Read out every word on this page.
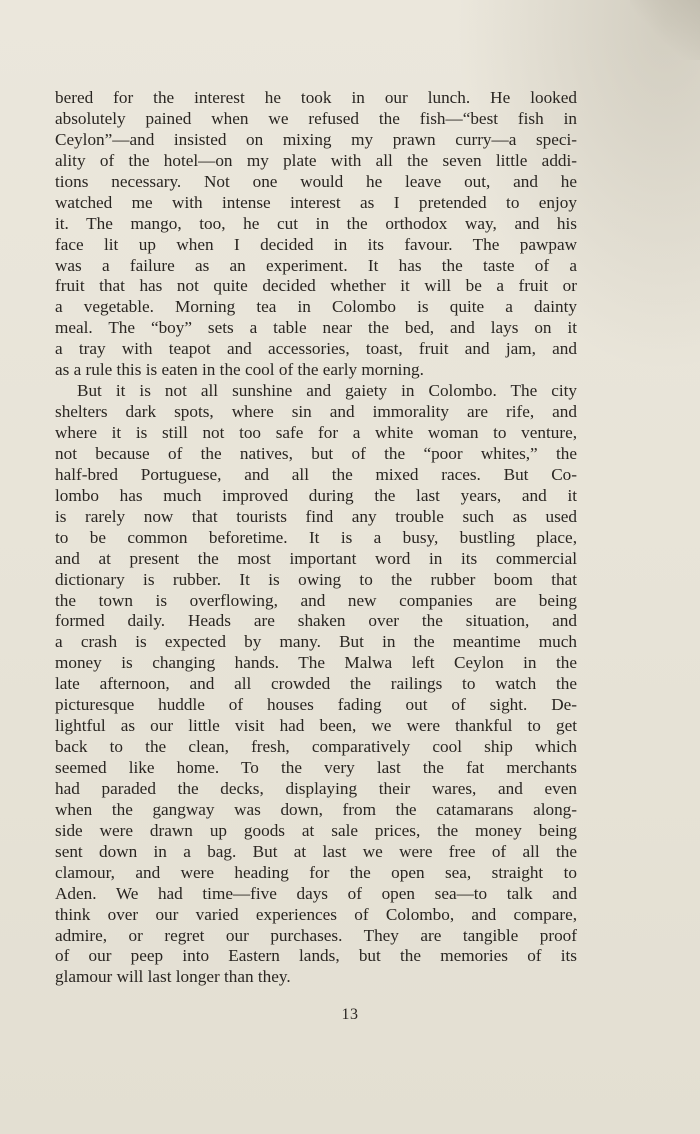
bered for the interest he took in our lunch. He looked
absolutely pained when we refused the fish—“best fish in
Ceylon”—and insisted on mixing my prawn curry—a speci-
ality of the hotel—on my plate with all the seven little addi-
tions necessary. Not one would he leave out, and he
watched me with intense interest as I pretended to enjoy
it. The mango, too, he cut in the orthodox way, and his
face lit up when I decided in its favour. The pawpaw
was a failure as an experiment. It has the taste of a
fruit that has not quite decided whether it will be a fruit or
a vegetable. Morning tea in Colombo is quite a dainty
meal. The “boy” sets a table near the bed, and lays on it
a tray with teapot and accessories, toast, fruit and jam, and
as a rule this is eaten in the cool of the early morning.
But it is not all sunshine and gaiety in Colombo. The city
shelters dark spots, where sin and immorality are rife, and
where it is still not too safe for a white woman to venture,
not because of the natives, but of the “poor whites,” the
half-bred Portuguese, and all the mixed races. But Co-
lombo has much improved during the last years, and it
is rarely now that tourists find any trouble such as used
to be common beforetime. It is a busy, bustling place,
and at present the most important word in its commercial
dictionary is rubber. It is owing to the rubber boom that
the town is overflowing, and new companies are being
formed daily. Heads are shaken over the situation, and
a crash is expected by many. But in the meantime much
money is changing hands. The Malwa left Ceylon in the
late afternoon, and all crowded the railings to watch the
picturesque huddle of houses fading out of sight. De-
lightful as our little visit had been, we were thankful to get
back to the clean, fresh, comparatively cool ship which
seemed like home. To the very last the fat merchants
had paraded the decks, displaying their wares, and even
when the gangway was down, from the catamarans along-
side were drawn up goods at sale prices, the money being
sent down in a bag. But at last we were free of all the
clamour, and were heading for the open sea, straight to
Aden. We had time—five days of open sea—to talk and
think over our varied experiences of Colombo, and compare,
admire, or regret our purchases. They are tangible proof
of our peep into Eastern lands, but the memories of its
glamour will last longer than they.
13
